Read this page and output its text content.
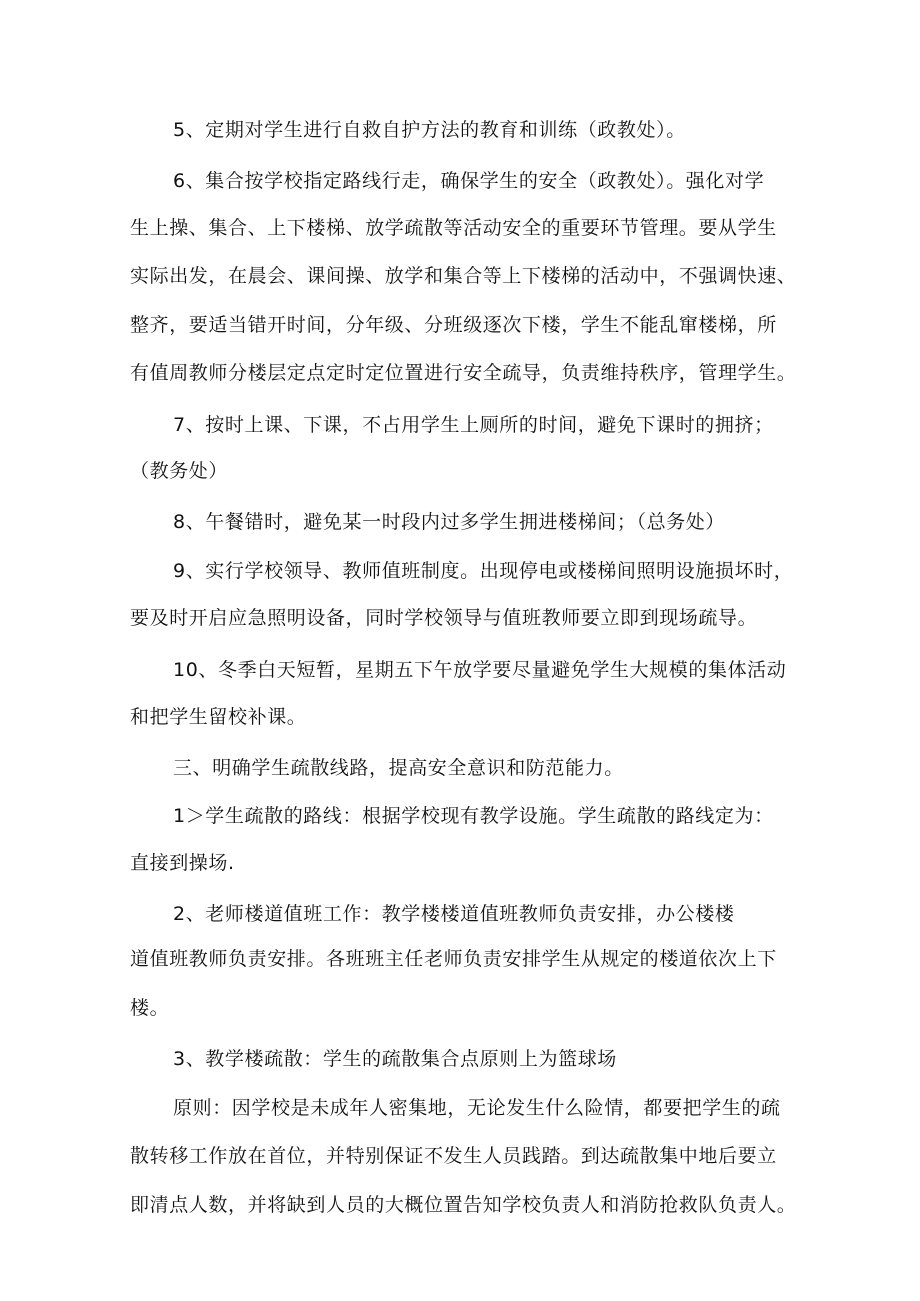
5、定期对学生进行自救自护方法的教育和训练（政教处）。
6、集合按学校指定路线行走，确保学生的安全（政教处）。强化对学
生上操、集合、上下楼梯、放学疏散等活动安全的重要环节管理。要从学生
实际出发，在晨会、课间操、放学和集合等上下楼梯的活动中，不强调快速、
整齐，要适当错开时间，分年级、分班级逐次下楼，学生不能乱窜楼梯，所
有值周教师分楼层定点定时定位置进行安全疏导，负责维持秩序，管理学生。
7、按时上课、下课，不占用学生上厕所的时间，避免下课时的拥挤；
（教务处）
8、午餐错时，避免某一时段内过多学生拥进楼梯间；（总务处）
9、实行学校领导、教师值班制度。出现停电或楼梯间照明设施损坏时，
要及时开启应急照明设备，同时学校领导与值班教师要立即到现场疏导。
10、冬季白天短暂，星期五下午放学要尽量避免学生大规模的集体活动
和把学生留校补课。
三、明确学生疏散线路，提高安全意识和防范能力。
1＞学生疏散的路线：根据学校现有教学设施。学生疏散的路线定为：
直接到操场.
2、老师楼道值班工作：教学楼楼道值班教师负责安排，办公楼楼
道值班教师负责安排。各班班主任老师负责安排学生从规定的楼道依次上下
楼。
3、教学楼疏散：学生的疏散集合点原则上为篮球场
原则：因学校是未成年人密集地，无论发生什么险情，都要把学生的疏
散转移工作放在首位，并特别保证不发生人员践踏。到达疏散集中地后要立
即清点人数，并将缺到人员的大概位置告知学校负责人和消防抢救队负责人。
